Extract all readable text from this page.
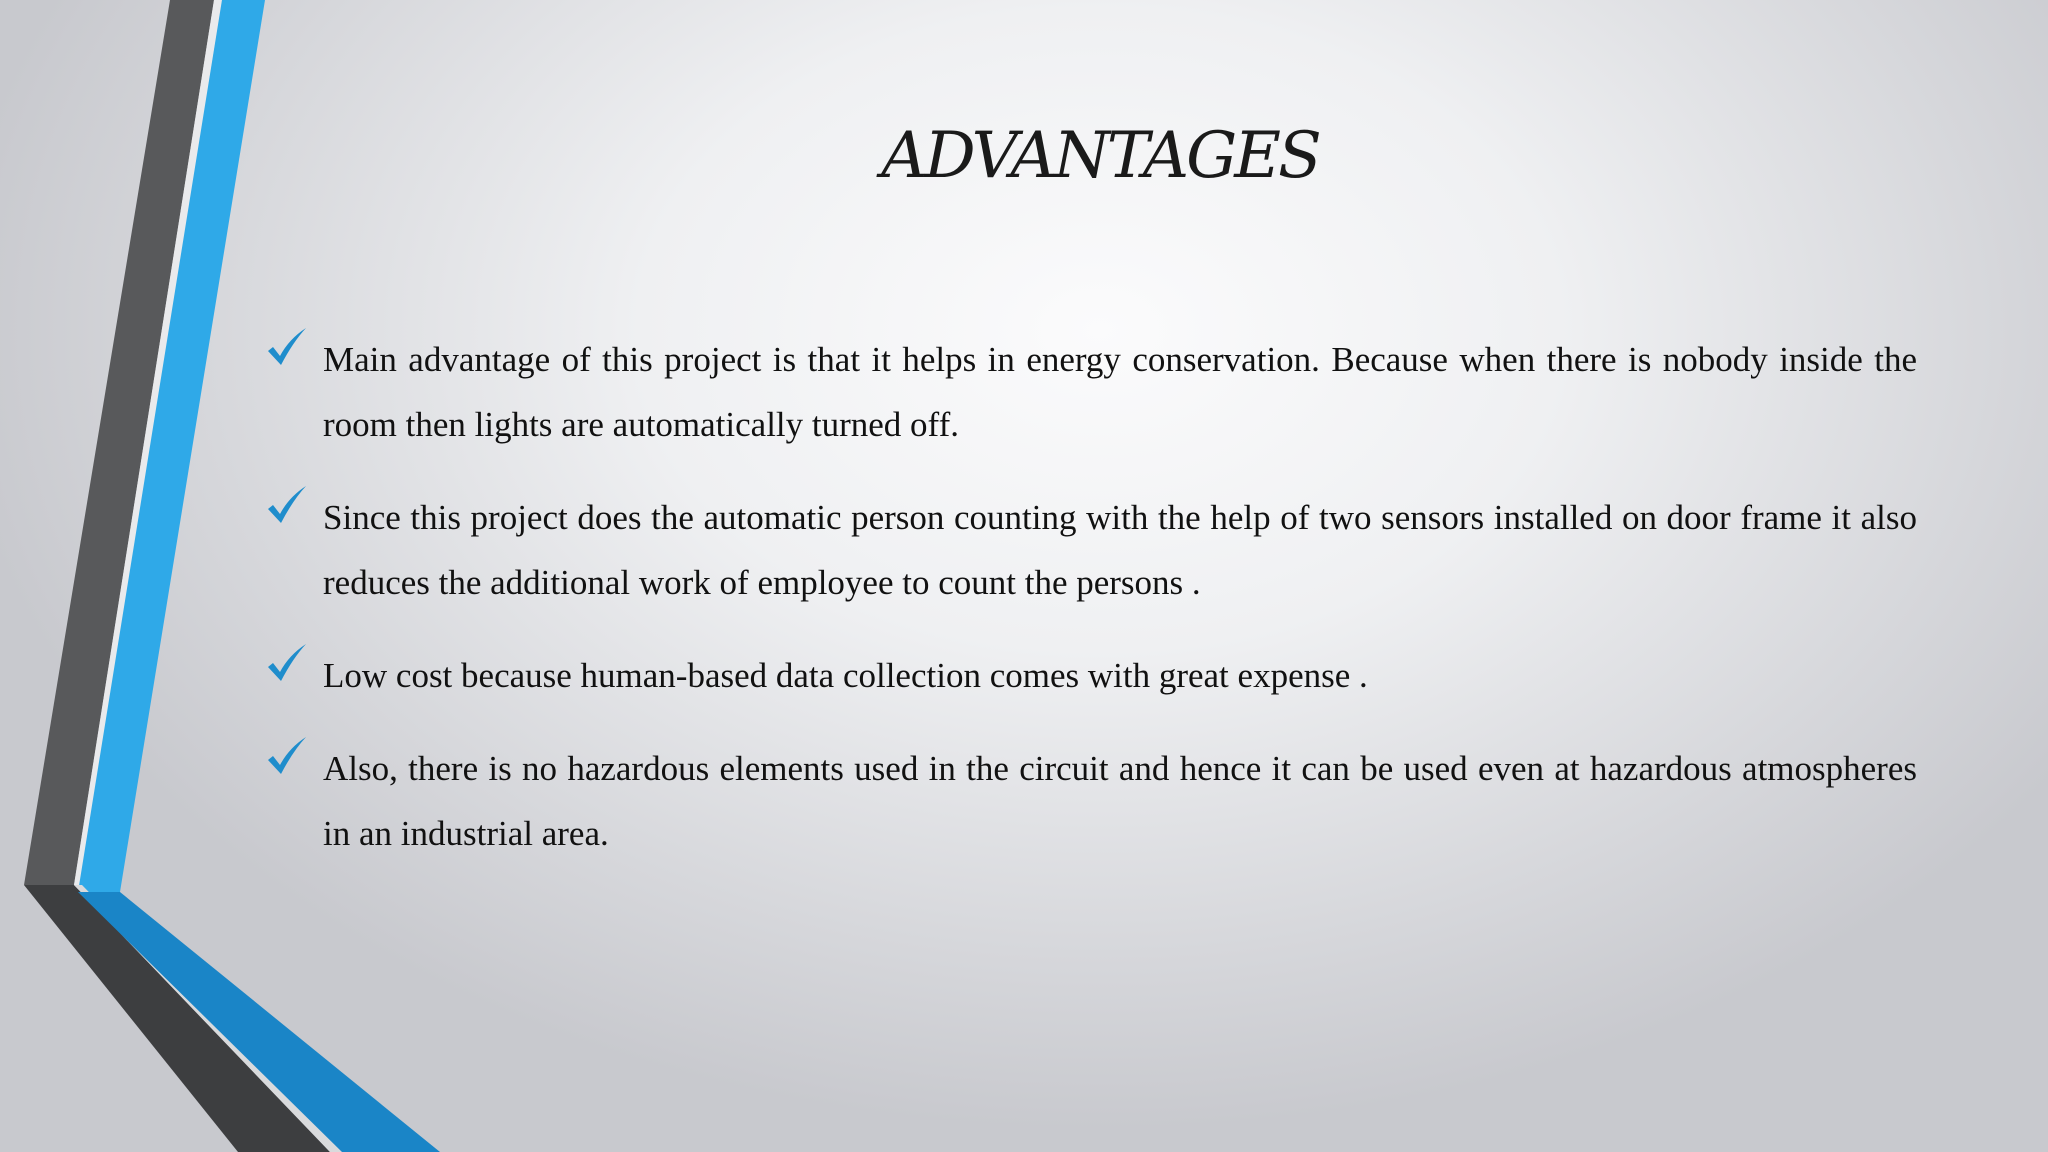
ADVANTAGES
Main advantage of this project is that it helps in energy conservation. Because when there is nobody inside the room then lights are automatically turned off.
Since this project does the automatic person counting with the help of two sensors installed on door frame it also reduces the additional work of employee to count the persons .
Low cost because human-based data collection comes with great expense .
Also, there is no hazardous elements used in the circuit and hence it can be used even at hazardous atmospheres in an industrial area.
